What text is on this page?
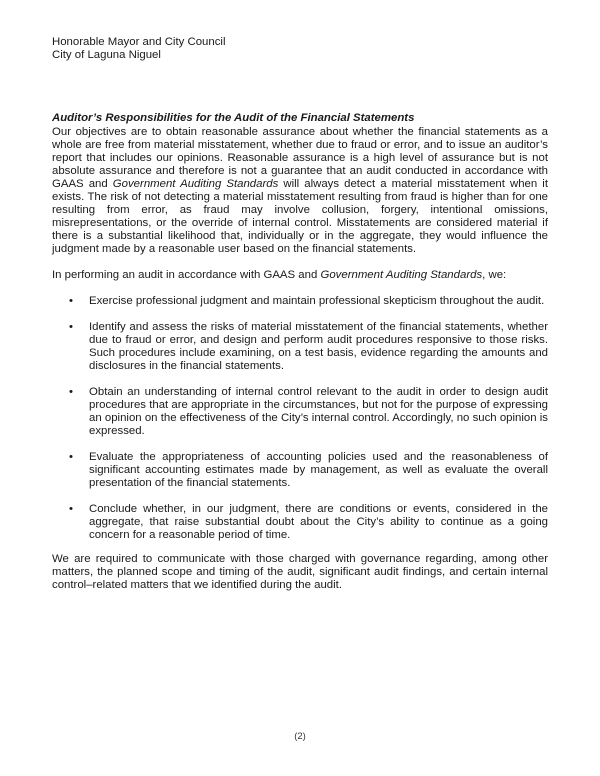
Honorable Mayor and City Council
City of Laguna Niguel
Auditor’s Responsibilities for the Audit of the Financial Statements

Our objectives are to obtain reasonable assurance about whether the financial statements as a whole are free from material misstatement, whether due to fraud or error, and to issue an auditor’s report that includes our opinions. Reasonable assurance is a high level of assurance but is not absolute assurance and therefore is not a guarantee that an audit conducted in accordance with GAAS and Government Auditing Standards will always detect a material misstatement when it exists. The risk of not detecting a material misstatement resulting from fraud is higher than for one resulting from error, as fraud may involve collusion, forgery, intentional omissions, misrepresentations, or the override of internal control. Misstatements are considered material if there is a substantial likelihood that, individually or in the aggregate, they would influence the judgment made by a reasonable user based on the financial statements.

In performing an audit in accordance with GAAS and Government Auditing Standards, we:

• Exercise professional judgment and maintain professional skepticism throughout the audit.
• Identify and assess the risks of material misstatement of the financial statements, whether due to fraud or error, and design and perform audit procedures responsive to those risks. Such procedures include examining, on a test basis, evidence regarding the amounts and disclosures in the financial statements.
• Obtain an understanding of internal control relevant to the audit in order to design audit procedures that are appropriate in the circumstances, but not for the purpose of expressing an opinion on the effectiveness of the City’s internal control. Accordingly, no such opinion is expressed.
• Evaluate the appropriateness of accounting policies used and the reasonableness of significant accounting estimates made by management, as well as evaluate the overall presentation of the financial statements.
• Conclude whether, in our judgment, there are conditions or events, considered in the aggregate, that raise substantial doubt about the City’s ability to continue as a going concern for a reasonable period of time.

We are required to communicate with those charged with governance regarding, among other matters, the planned scope and timing of the audit, significant audit findings, and certain internal control–related matters that we identified during the audit.

(2)
